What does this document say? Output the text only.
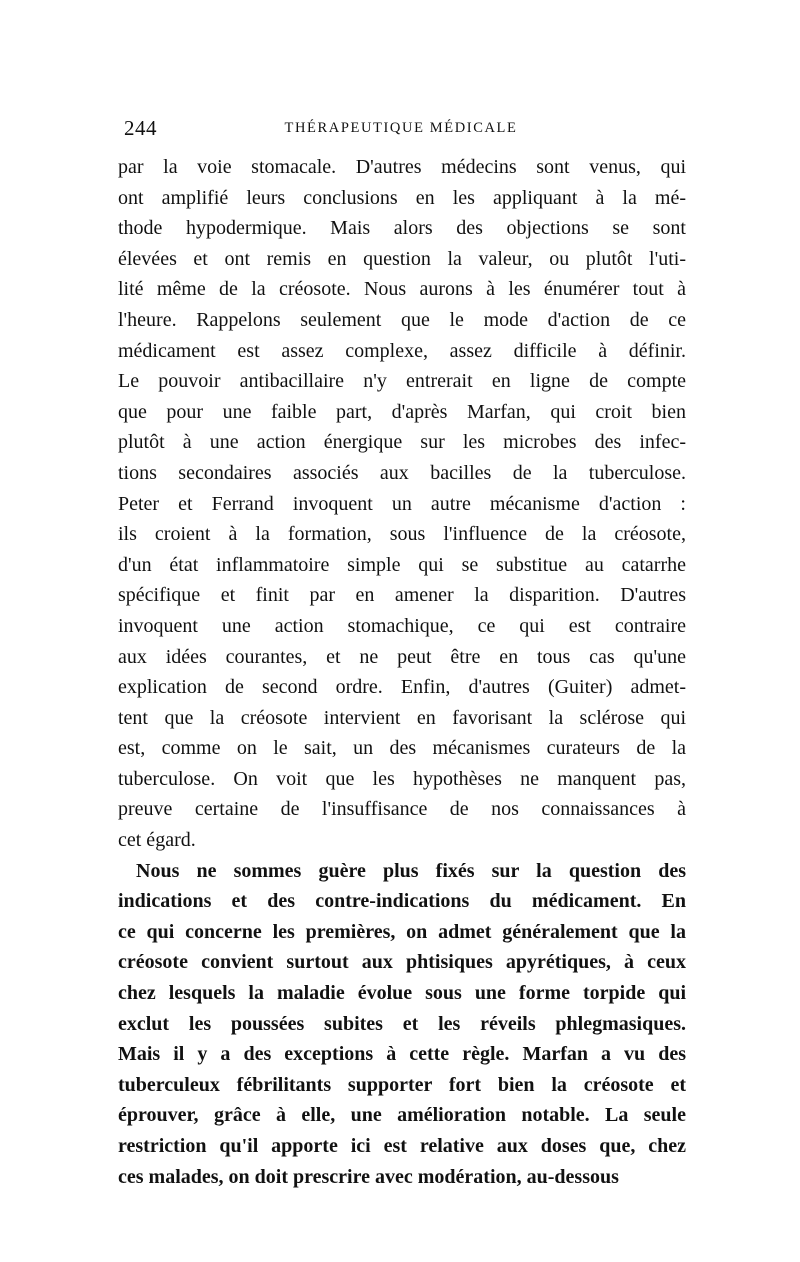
244	THÉRAPEUTIQUE MÉDICALE
par la voie stomacale. D'autres médecins sont venus, qui
ont amplifié leurs conclusions en les appliquant à la mé-
thode hypodermique. Mais alors des objections se sont
élevées et ont remis en question la valeur, ou plutôt l'uti-
lité même de la créosote. Nous aurons à les énumérer tout à
l'heure. Rappelons seulement que le mode d'action de ce
médicament est assez complexe, assez difficile à définir.
Le pouvoir antibacillaire n'y entrerait en ligne de compte
que pour une faible part, d'après Marfan, qui croit bien
plutôt à une action énergique sur les microbes des infec-
tions secondaires associés aux bacilles de la tuberculose.
Peter et Ferrand invoquent un autre mécanisme d'action :
ils croient à la formation, sous l'influence de la créosote,
d'un état inflammatoire simple qui se substitue au catarrhe
spécifique et finit par en amener la disparition. D'autres
invoquent une action stomachique, ce qui est contraire
aux idées courantes, et ne peut être en tous cas qu'une
explication de second ordre. Enfin, d'autres (Guiter) admet-
tent que la créosote intervient en favorisant la sclérose qui
est, comme on le sait, un des mécanismes curateurs de la
tuberculose. On voit que les hypothèses ne manquent pas,
preuve certaine de l'insuffisance de nos connaissances à
cet égard.
Nous ne sommes guère plus fixés sur la question des
indications et des contre-indications du médicament. En
ce qui concerne les premières, on admet généralement que la
créosote convient surtout aux phtisiques apyrétiques, à ceux
chez lesquels la maladie évolue sous une forme torpide qui
exclut les poussées subites et les réveils phlegmasiques.
Mais il y a des exceptions à cette règle. Marfan a vu des
tuberculeux fébrilitants supporter fort bien la créosote et
éprouver, grâce à elle, une amélioration notable. La seule
restriction qu'il apporte ici est relative aux doses que, chez
ces malades, on doit prescrire avec modération, au-dessous
